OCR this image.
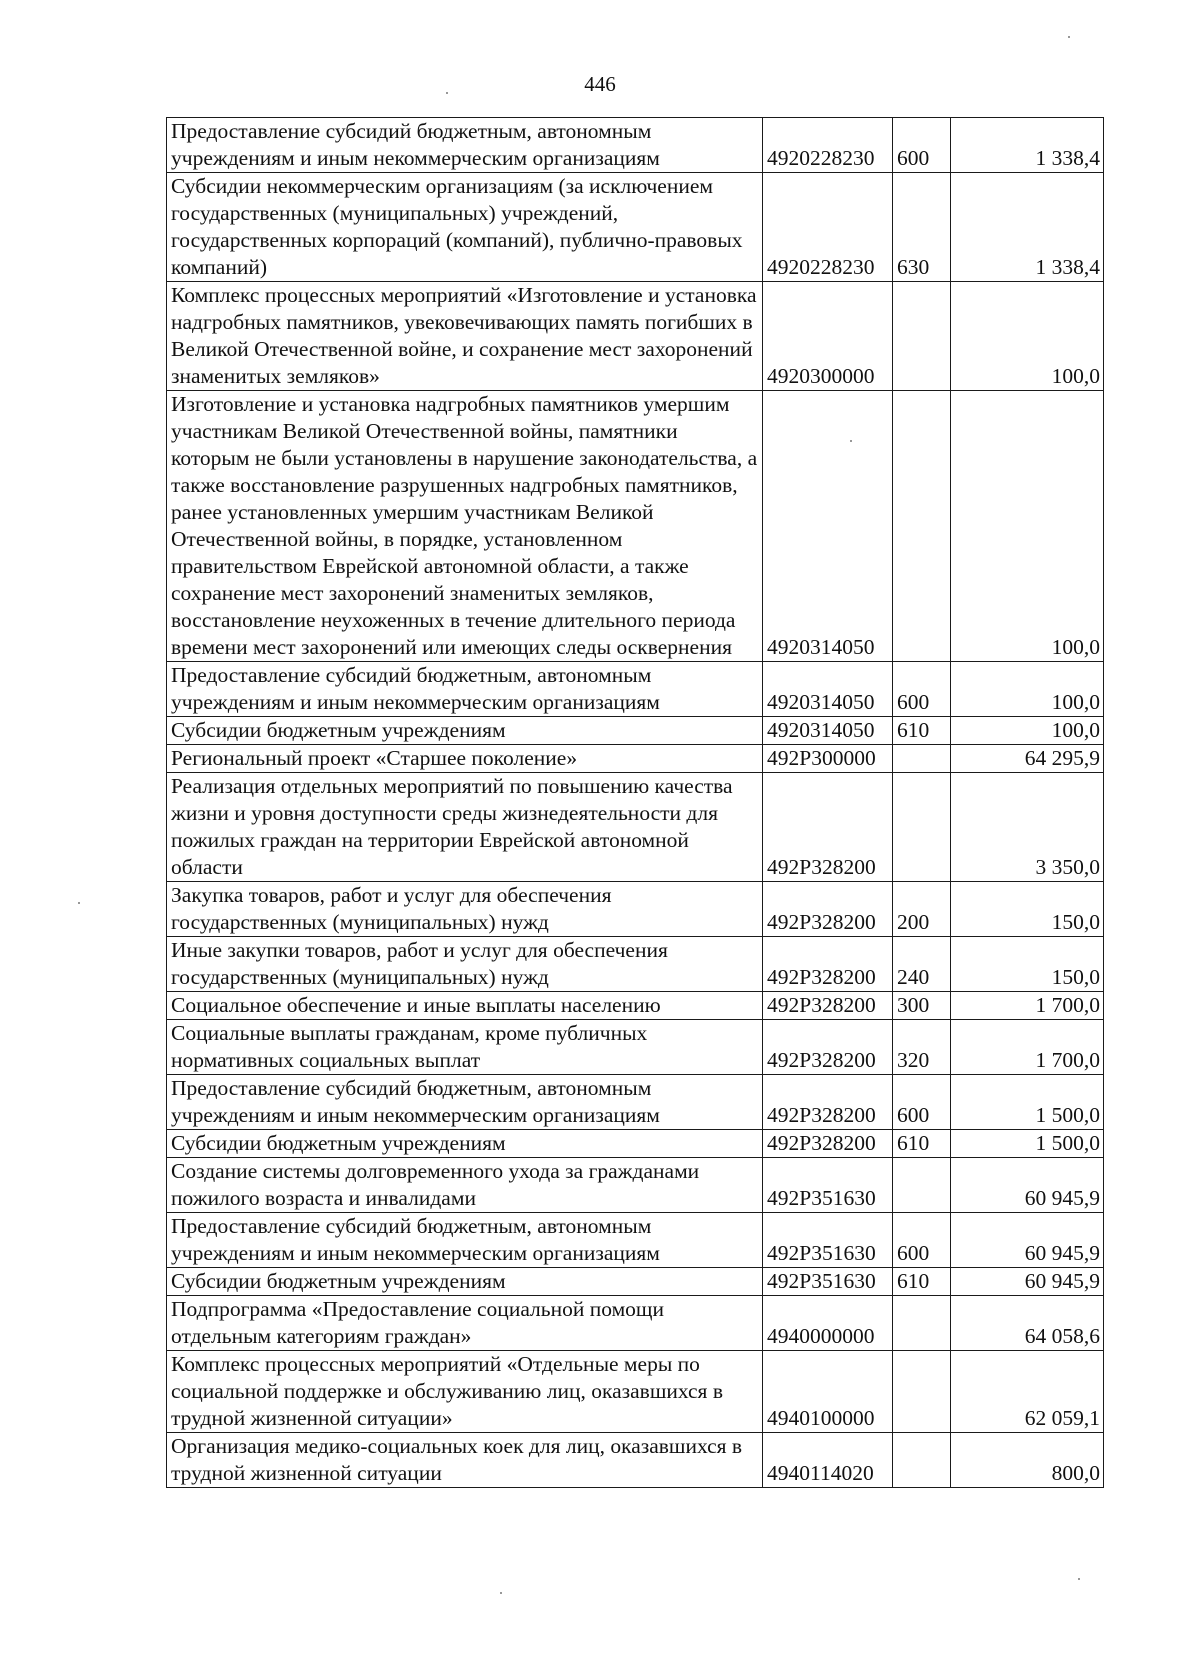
446
Предоставление субсидий бюджетным, автономным учреждениям и иным некоммерческим организациям	4920228230	600	1 338,4
Субсидии некоммерческим организациям (за исключением государственных (муниципальных) учреждений, государственных корпораций (компаний), публично-правовых компаний)	4920228230	630	1 338,4
Комплекс процессных мероприятий «Изготовление и установка надгробных памятников, увековечивающих память погибших в Великой Отечественной войне, и сохранение мест захоронений знаменитых земляков»	4920300000		100,0
Изготовление и установка надгробных памятников умершим участникам Великой Отечественной войны, памятники которым не были установлены в нарушение законодательства, а также восстановление разрушенных надгробных памятников, ранее установленных умершим участникам Великой Отечественной войны, в порядке, установленном правительством Еврейской автономной области, а также сохранение мест захоронений знаменитых земляков, восстановление неухоженных в течение длительного периода времени мест захоронений или имеющих следы осквернения	4920314050		100,0
Предоставление субсидий бюджетным, автономным учреждениям и иным некоммерческим организациям	4920314050	600	100,0
Субсидии бюджетным учреждениям	4920314050	610	100,0
Региональный проект «Старшее поколение»	492P300000		64 295,9
Реализация отдельных мероприятий по повышению качества жизни и уровня доступности среды жизнедеятельности для пожилых граждан на территории Еврейской автономной области	492P328200		3 350,0
Закупка товаров, работ и услуг для обеспечения государственных (муниципальных) нужд	492P328200	200	150,0
Иные закупки товаров, работ и услуг для обеспечения государственных (муниципальных) нужд	492P328200	240	150,0
Социальное обеспечение и иные выплаты населению	492P328200	300	1 700,0
Социальные выплаты гражданам, кроме публичных нормативных социальных выплат	492P328200	320	1 700,0
Предоставление субсидий бюджетным, автономным учреждениям и иным некоммерческим организациям	492P328200	600	1 500,0
Субсидии бюджетным учреждениям	492P328200	610	1 500,0
Создание системы долговременного ухода за гражданами пожилого возраста и инвалидами	492P351630		60 945,9
Предоставление субсидий бюджетным, автономным учреждениям и иным некоммерческим организациям	492P351630	600	60 945,9
Субсидии бюджетным учреждениям	492P351630	610	60 945,9
Подпрограмма «Предоставление социальной помощи отдельным категориям граждан»	4940000000		64 058,6
Комплекс процессных мероприятий «Отдельные меры по социальной поддержке и обслуживанию лиц, оказавшихся в трудной жизненной ситуации»	4940100000		62 059,1
Организация медико-социальных коек для лиц, оказавшихся в трудной жизненной ситуации	4940114020		800,0
